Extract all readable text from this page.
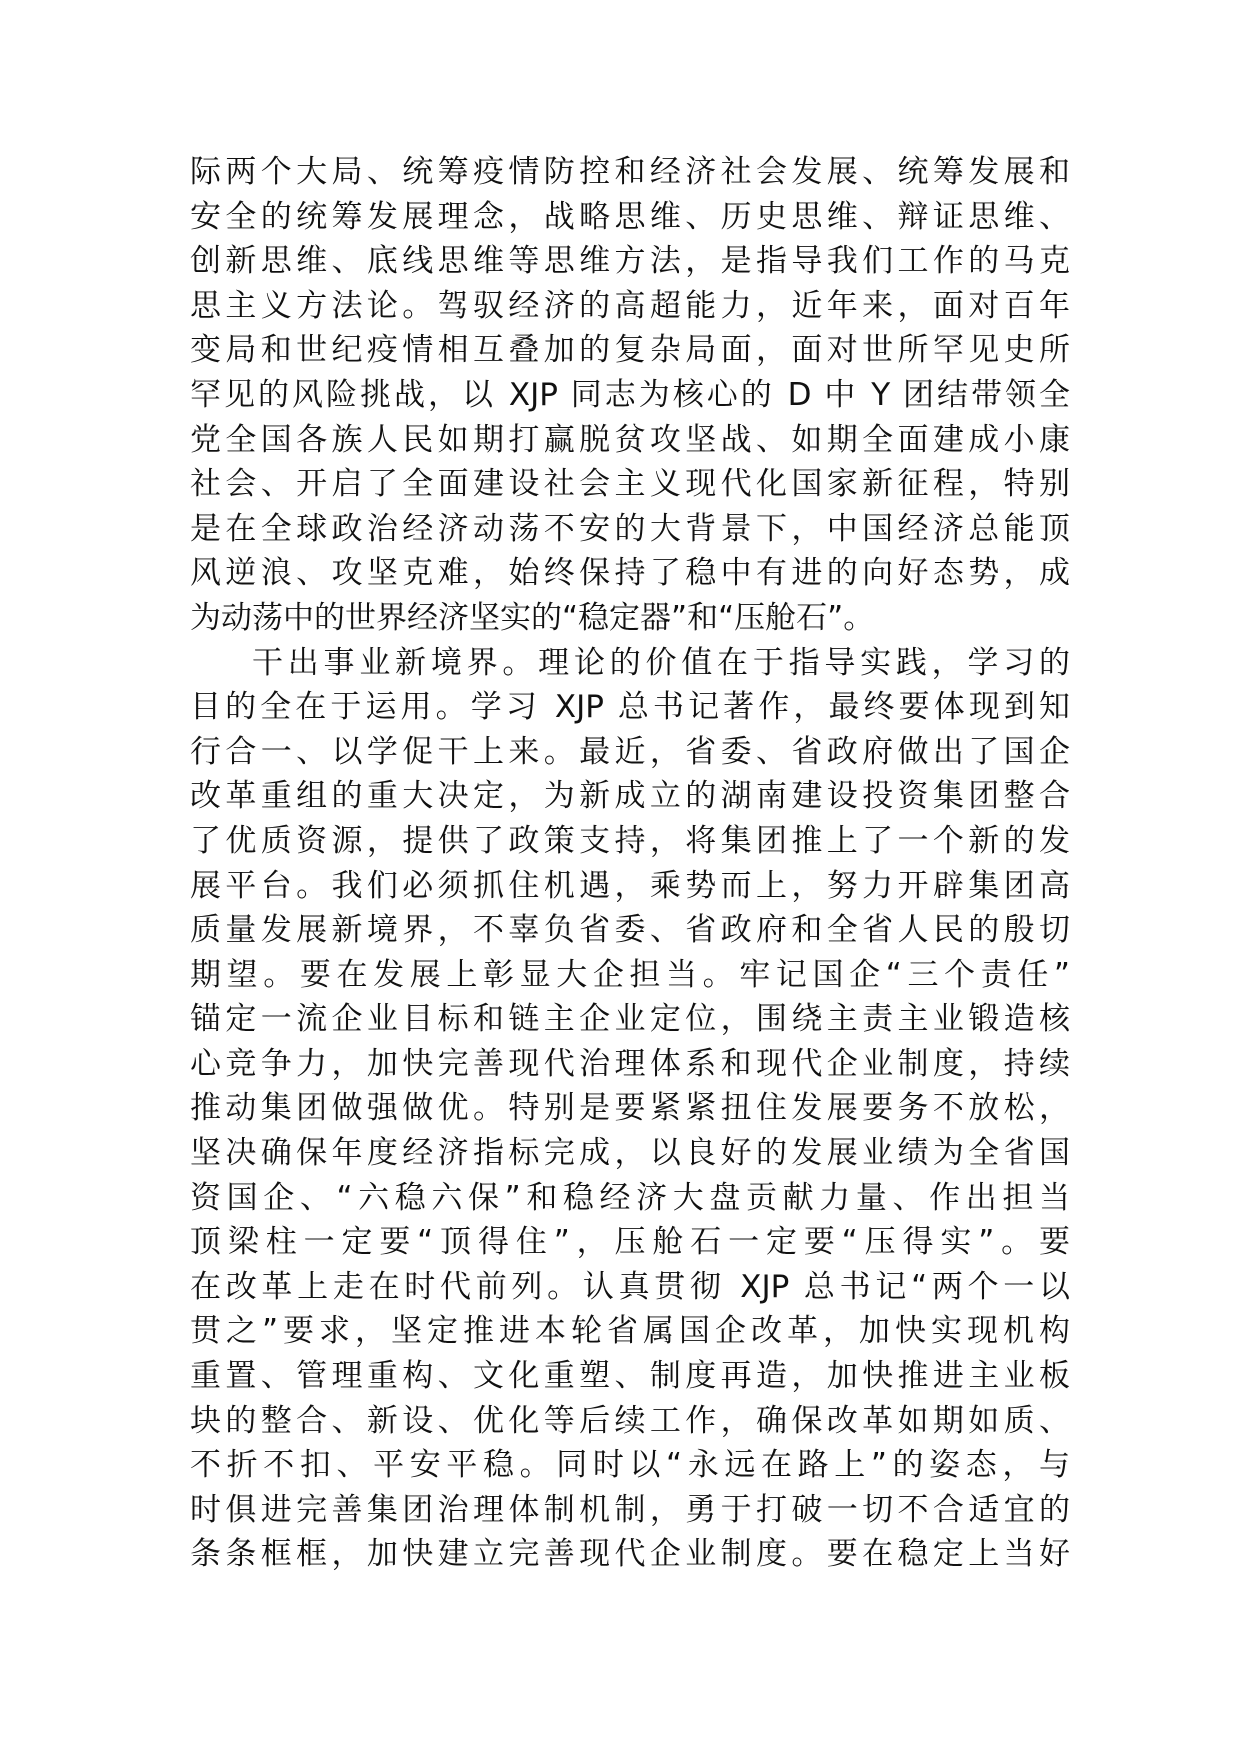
际两个大局、统筹疫情防控和经济社会发展、统筹发展和
安全的统筹发展理念，战略思维、历史思维、辩证思维、
创新思维、底线思维等思维方法，是指导我们工作的马克
思主义方法论。驾驭经济的高超能力，近年来，面对百年
变局和世纪疫情相互叠加的复杂局面，面对世所罕见史所
罕见的风险挑战，以 XJP 同志为核心的 D 中 Y 团结带领全
党全国各族人民如期打赢脱贫攻坚战、如期全面建成小康
社会、开启了全面建设社会主义现代化国家新征程，特别
是在全球政治经济动荡不安的大背景下，中国经济总能顶
风逆浪、攻坚克难，始终保持了稳中有进的向好态势，成
为动荡中的世界经济坚实的“稳定器”和“压舱石”。
干出事业新境界。理论的价值在于指导实践，学习的
目的全在于运用。学习 XJP 总书记著作，最终要体现到知
行合一、以学促干上来。最近，省委、省政府做出了国企
改革重组的重大决定，为新成立的湖南建设投资集团整合
了优质资源，提供了政策支持，将集团推上了一个新的发
展平台。我们必须抓住机遇，乘势而上，努力开辟集团高
质量发展新境界，不辜负省委、省政府和全省人民的殷切
期望。要在发展上彰显大企担当。牢记国企“三个责任”
锚定一流企业目标和链主企业定位，围绕主责主业锻造核
心竞争力，加快完善现代治理体系和现代企业制度，持续
推动集团做强做优。特别是要紧紧扭住发展要务不放松，
坚决确保年度经济指标完成，以良好的发展业绩为全省国
资国企、“六稳六保”和稳经济大盘贡献力量、作出担当
顶梁柱一定要“顶得住”，压舱石一定要“压得实”。要
在改革上走在时代前列。认真贯彻 XJP 总书记“两个一以
贯之”要求，坚定推进本轮省属国企改革，加快实现机构
重置、管理重构、文化重塑、制度再造，加快推进主业板
块的整合、新设、优化等后续工作，确保改革如期如质、
不折不扣、平安平稳。同时以“永远在路上”的姿态，与
时俱进完善集团治理体制机制，勇于打破一切不合适宜的
条条框框，加快建立完善现代企业制度。要在稳定上当好
